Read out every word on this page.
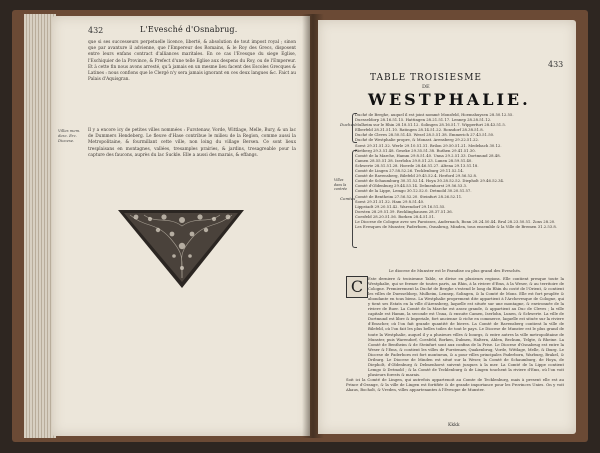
432	L'Evesché d'Osnabrug.
que si ses successeurs perpetuelle licence, liberté, & absolution de tout impost royal ; sinon que par avanture il advienne, que l'Empereur des Romains, & le Roy des Grecs, disposent entre leurs enfans contract d'alliances maritales. En ce cas l'Evesque du siege Eglise, l'Eschiquier de la Province, & Prefect d'une telle Eglise aux despens du Roy, ou de l'Empereur. Et à cette fin nous avons arresté, qu'à jamais en un mesme lieu facent des Escoles Grecques & Latines : nous confions que le Clergé n'y sera jamais ignorant en ces deux langues &c. Faict au Palais d'Aquisgran.
Villes mem. desc. Erz. Diocese.
Il y a encore icy de petites villes nommées : Furstenaw, Vorde, Wittlage, Melle, Bury, & un lac de Dummers Hendeberg. Le fleuve d'Hase contribue le milieu de la Region, comme aussi la Metropolitaine, & fourmillant cette ville, non loing du village Bersen. Ce sont lieux tresplaisans en montagnes, vallées, tresamples prairies, & jardins, tresagreable pour la capture des faucons, auprès du lac Suckle. Elle a aussi des marais, & effangs.
433
TABLE TROISIESME
DE
WESTPHALIE.
Duchés
Comtés
Villes dans la contrée
Duché de Berghe, auquel il est joint nommé Monsfeld, Hoemshuysen 28.50.12.55.
Duesseldorp 28.16.51.15. Hattingen 28.21.51.17. Lennep 28.28.51.12.
Mulheim sur le Rhin 28.18.51.12. Solingen 28.16.51.7. Wipperfurt 28.43.51.5.
Elberfeld 28.31.51.10. Ratingen 28.14.51.22. Ronsdorf 28.38.51.8.
Duché de Cleves 28.50.51.45. Wesel 28.5.51.38. Emmerich 27.43.51.50.
Duché de Westphalie propre, & Monast. Arensberg 29.22.51.22.
Soest 29.31.51.32. Werle 29.10.51.31. Brilon 29.50.51.21. Medebach 30.12.
Rietberg 29.3.51.48. Geseke 29.35.51.38. Ruthen 29.41.51.30.
Comté de la Marche, Hamm 29.8.51.40. Unna 29.2.51.33. Dortmund 28.48.
Camen 28.55.51.38. Iserlohn 29.8.51.23. Lunen 28.59.51.40.
Schwerte 28.51.51.28. Hoerde 28.46.51.27. Altena 29.13.51.18.
Comté de Lingen 27.58.52.26. Tecklenburg 29.11.52.14.
Comté de Ravensberg, Bilefeld 29.45.52.4. Herford 29.56.52.8.
Comté de Schaumburg 30.31.52.14. Hoya 30.28.52.52. Diepholt 29.46.52.34.
Comté d'Oldenburg 29.44.53.14. Delmenhorst 29.56.53.3.
Comté de la Lippe, Lemgo 30.12.52.0. Detmold 30.20.51.57.
Comté de Bentheim 27.56.52.20. Steinfurt 28.26.52.11.
Soest 29.31.51.32. Ham 29.8.51.40.
Lippstadt 29.20.51.42. Warendorf 29.16.51.55.
Dorsten 28.29.51.39. Recklinghausen 28.37.51.36.
Coesfeld 28.20.51.56. Borken 28.4.51.51.
Le Diocese de Cologne avec ses Paroisses, Andernach, Bonn 28.24.50.44. Brul 28.23.50.51. Zons 28.20.
Les Evesques de Munster, Paderborn, Osnabrug, Minden, tous ensemble & la Ville de Bremen 31.2.53.8.
Le diocese de Munster est le Paradise ou plus grand des Eveschés.
C	Este derniere & troisiesme Table, se divise en plusieurs regions. Elle contient presque toute la Westphalie, qui se fermer de toutes parts, au Rhin, à la riviere d'Ems, à la Weser, & au territoire de Cologne. Premierement la Duché de Berghe s'estend le long du Rhin du costé de l'Orient, & contient les villes de Duesseldorp, Mulheim, Lennep, Solingen, & la Comté de Mons. Elle est fort peuplée & abondante en tous biens. La Westphalie proprement dite appartient à l'Archevesque de Cologne, qui y tient ses Estats en la ville d'Arensberg, laquelle est située sur une montagne, & environnée de la riviere de Ruer. La Comté de la Marche est assez grande, & appartient au Duc de Cleves ; la ville capitale est Hamm, la seconde est Unna, & ensuite Camen, Iserlohn, Lunen, & Schwerte. La ville de Dortmund est libre & Imperiale, fort ancienne & riche en commerce, laquelle est située sur la riviere d'Emscher, où l'on fait grande quantité de bieres. La Comté de Ravensberg contient la ville de Bilefeld, où l'on fait les plus belles toiles de tout le pays. Le Diocese de Munster est le plus grand de toute la Westphalie, auquel il y a plusieurs villes & bourgs, & entre autres la ville metropolitaine de Munster, puis Warendorf, Coesfeld, Borken, Dulmen, Haltern, Ahlen, Beckum, Telgte, & Rheine. La Comté de Bentheim & de Steinfurt sont aux confins de la Frise. Le Diocese d'Osnabrug est entre la Weser & l'Ems, & contient les villes de Furstenaw, Quakenbrug, Vorde, Wittlage, Melle, & Iburg. Le Diocese de Paderborn est fort montueux, & a pour villes principales Paderborn, Warburg, Brakel, & Driburg. Le Diocese de Minden est situé sur la Weser, la Comté de Schaumburg, de Hoya, de Diepholt, d'Oldenburg & Delmenhorst suivent jusques à la mer. La Comté de la Lippe contient Lemgo & Detmold ; & la Comté de Tecklenburg & de Lingen touchent la riviere d'Ems, où l'on voit plusieurs forests & marais.
Soit ici la Comté de Lingen, qui autrefois appartenoit au Comte de Tecklenburg, mais à present elle est au Prince d'Orange, & la ville de Lingen est fortifiée & de grande importance pour les Provinces Unies. On y voit Ahaus, Bocholt, & Vreden, villes appartenantes à l'Evesque de Munster.
Kkkk
